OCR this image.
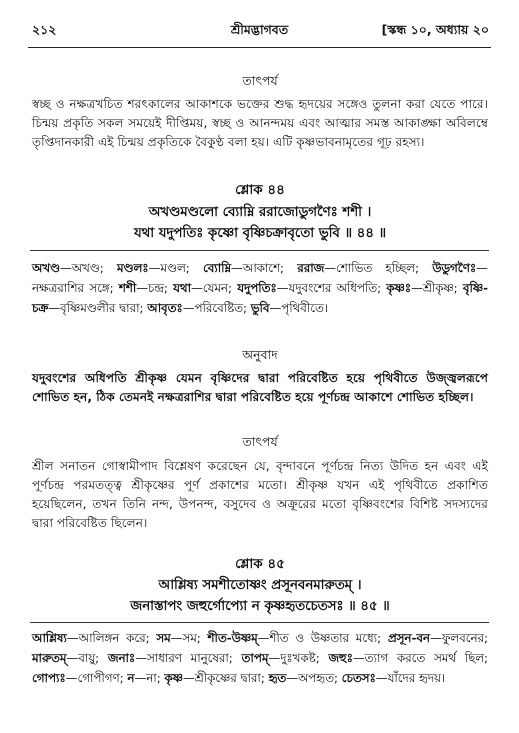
২১২	শ্রীমদ্ভাগবত	[স্কন্ধ ১০, অধ্যায় ২০
তাৎপর্য

স্বচ্ছ ও নক্ষত্রখচিত শরৎকালের আকাশকে ভক্তের শুদ্ধ হৃদয়ের সঙ্গেও তুলনা করা যেতে পারে। চিন্ময় প্রকৃতি সকল সময়েই দীপ্তিময়, স্বচ্ছ ও আনন্দময় এবং আত্মার সমস্ত আকাঙ্ক্ষা অবিলম্বে তৃপ্তিদানকারী এই চিন্ময় প্রকৃতিকে বৈকুণ্ঠ বলা হয়। এটি কৃষ্ণভাবনামৃতের গূঢ় রহস্য।

শ্লোক ৪৪

অখণ্ডমণ্ডলো ব্যোম্নি ররাজোডুগণৈঃ শশী ।

যথা যদুপতিঃ কৃষ্ণো বৃষ্ণিচক্রাবৃতো ভুবি ॥ ৪৪ ॥

অখণ্ড—অখণ্ড; মণ্ডলঃ—মণ্ডল; ব্যোম্নি—আকাশে; ররাজ—শোভিত হচ্ছিল; উডুগণৈঃ—নক্ষত্ররাশির সঙ্গে; শশী—চন্দ্র; যথা—যেমন; যদুপতিঃ—যদুবংশের অধিপতি; কৃষ্ণঃ—শ্রীকৃষ্ণ; বৃষ্ণি-চক্র—বৃষ্ণিমণ্ডলীর দ্বারা; আবৃতঃ—পরিবেষ্টিত; ভুবি—পৃথিবীতে।

অনুবাদ

যদুবংশের অধিপতি শ্রীকৃষ্ণ যেমন বৃষ্ণিদের দ্বারা পরিবেষ্টিত হয়ে পৃথিবীতে উজ্জ্বলরূপে শোভিত হন, ঠিক তেমনই নক্ষত্ররাশির দ্বারা পরিবেষ্টিত হয়ে পূর্ণচন্দ্র আকাশে শোভিত হচ্ছিল।

তাৎপর্য

শ্রীল সনাতন গোস্বামীপাদ বিশ্লেষণ করেছেন যে, বৃন্দাবনে পূর্ণচন্দ্র নিত্য উদিত হন এবং এই পূর্ণচন্দ্র পরমতত্ত্ব শ্রীকৃষ্ণের পূর্ণ প্রকাশের মতো। শ্রীকৃষ্ণ যখন এই পৃথিবীতে প্রকাশিত হয়েছিলেন, তখন তিনি নন্দ, উপনন্দ, বসুদেব ও অক্রূরের মতো বৃষ্ণিবংশের বিশিষ্ট সদস্যদের দ্বারা পরিবেষ্টিত ছিলেন।

শ্লোক ৪৫

আশ্লিষ্য সমশীতোষ্ণং প্রসূনবনমারুতম্ ।

জনাস্তাপং জহুর্গোপ্যো ন কৃষ্ণহৃতচেতসঃ ॥ ৪৫ ॥

আশ্লিষ্য—আলিঙ্গন করে; সম—সম; শীত-উষ্ণম্—শীত ও উষ্ণতার মধ্যে; প্রসূন-বন—ফুলবনের; মারুতম্—বায়ু; জনাঃ—সাধারণ মানুষেরা; তাপম্—দুঃখকষ্ট; জহুঃ—ত্যাগ করতে সমর্থ ছিল; গোপ্যঃ—গোপীগণ; ন—না; কৃষ্ণ—শ্রীকৃষ্ণের দ্বারা; হৃত—অপহৃত; চেতসঃ—যাঁদের হৃদয়।
